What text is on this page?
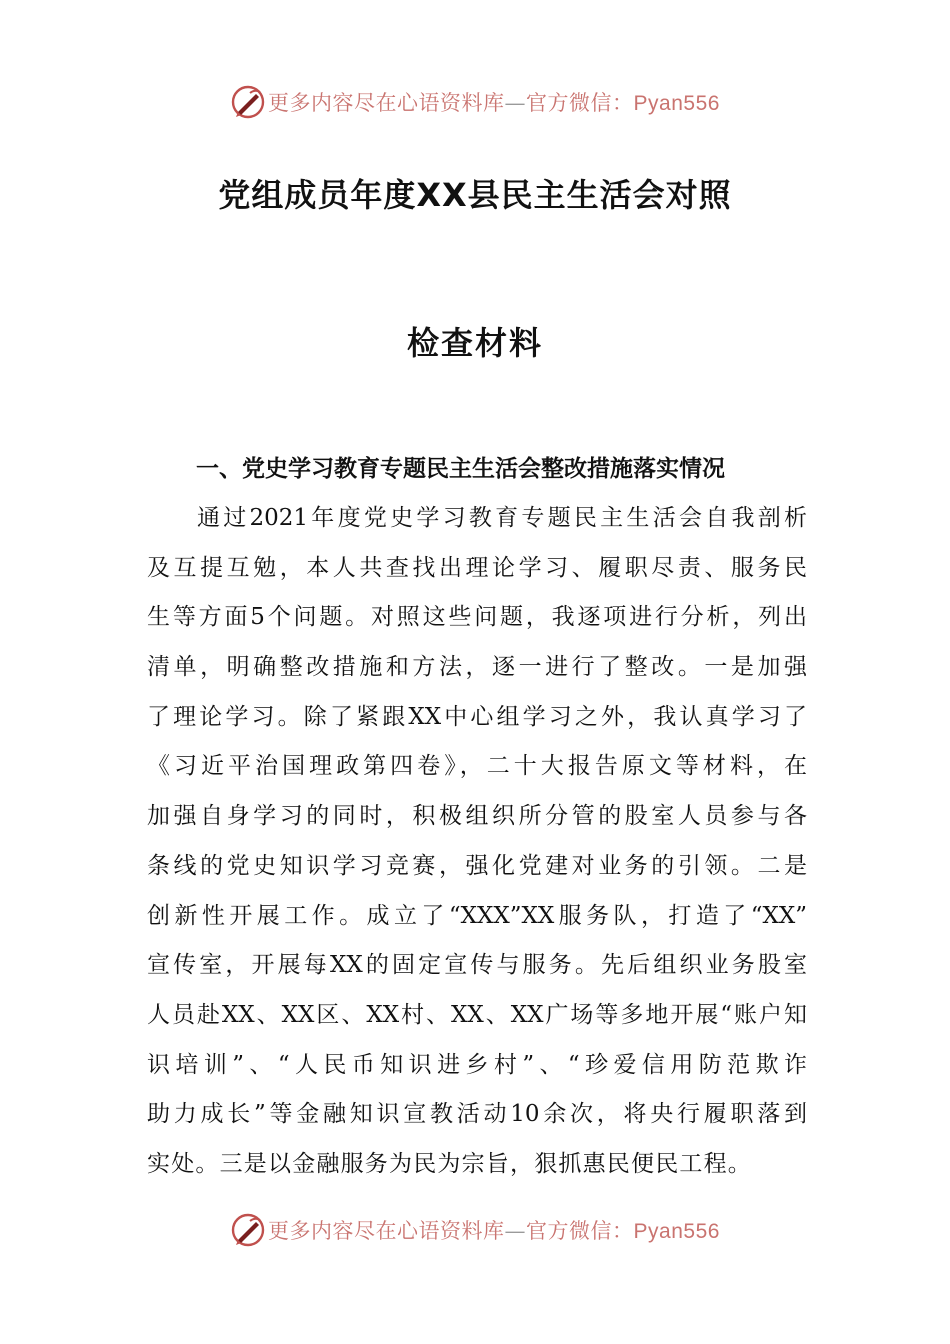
更多内容尽在心语资料库—官方微信：Pyan556
党组成员年度XX县民主生活会对照
检查材料
一、党史学习教育专题民主生活会整改措施落实情况
通过2021年度党史学习教育专题民主生活会自我剖析
及互提互勉，本人共查找出理论学习、履职尽责、服务民
生等方面5个问题。对照这些问题，我逐项进行分析，列出
清单，明确整改措施和方法，逐一进行了整改。一是加强
了理论学习。除了紧跟XX中心组学习之外，我认真学习了
《习近平治国理政第四卷》，二十大报告原文等材料，在
加强自身学习的同时，积极组织所分管的股室人员参与各
条线的党史知识学习竞赛，强化党建对业务的引领。二是
创新性开展工作。成立了“XXX”XX服务队，打造了“XX”
宣传室，开展每XX的固定宣传与服务。先后组织业务股室
人员赴XX、XX区、XX村、XX、XX广场等多地开展“账户知
识培训”、“人民币知识进乡村”、“珍爱信用防范欺诈
助力成长”等金融知识宣教活动10余次，将央行履职落到
实处。三是以金融服务为民为宗旨，狠抓惠民便民工程。
更多内容尽在心语资料库—官方微信：Pyan556
